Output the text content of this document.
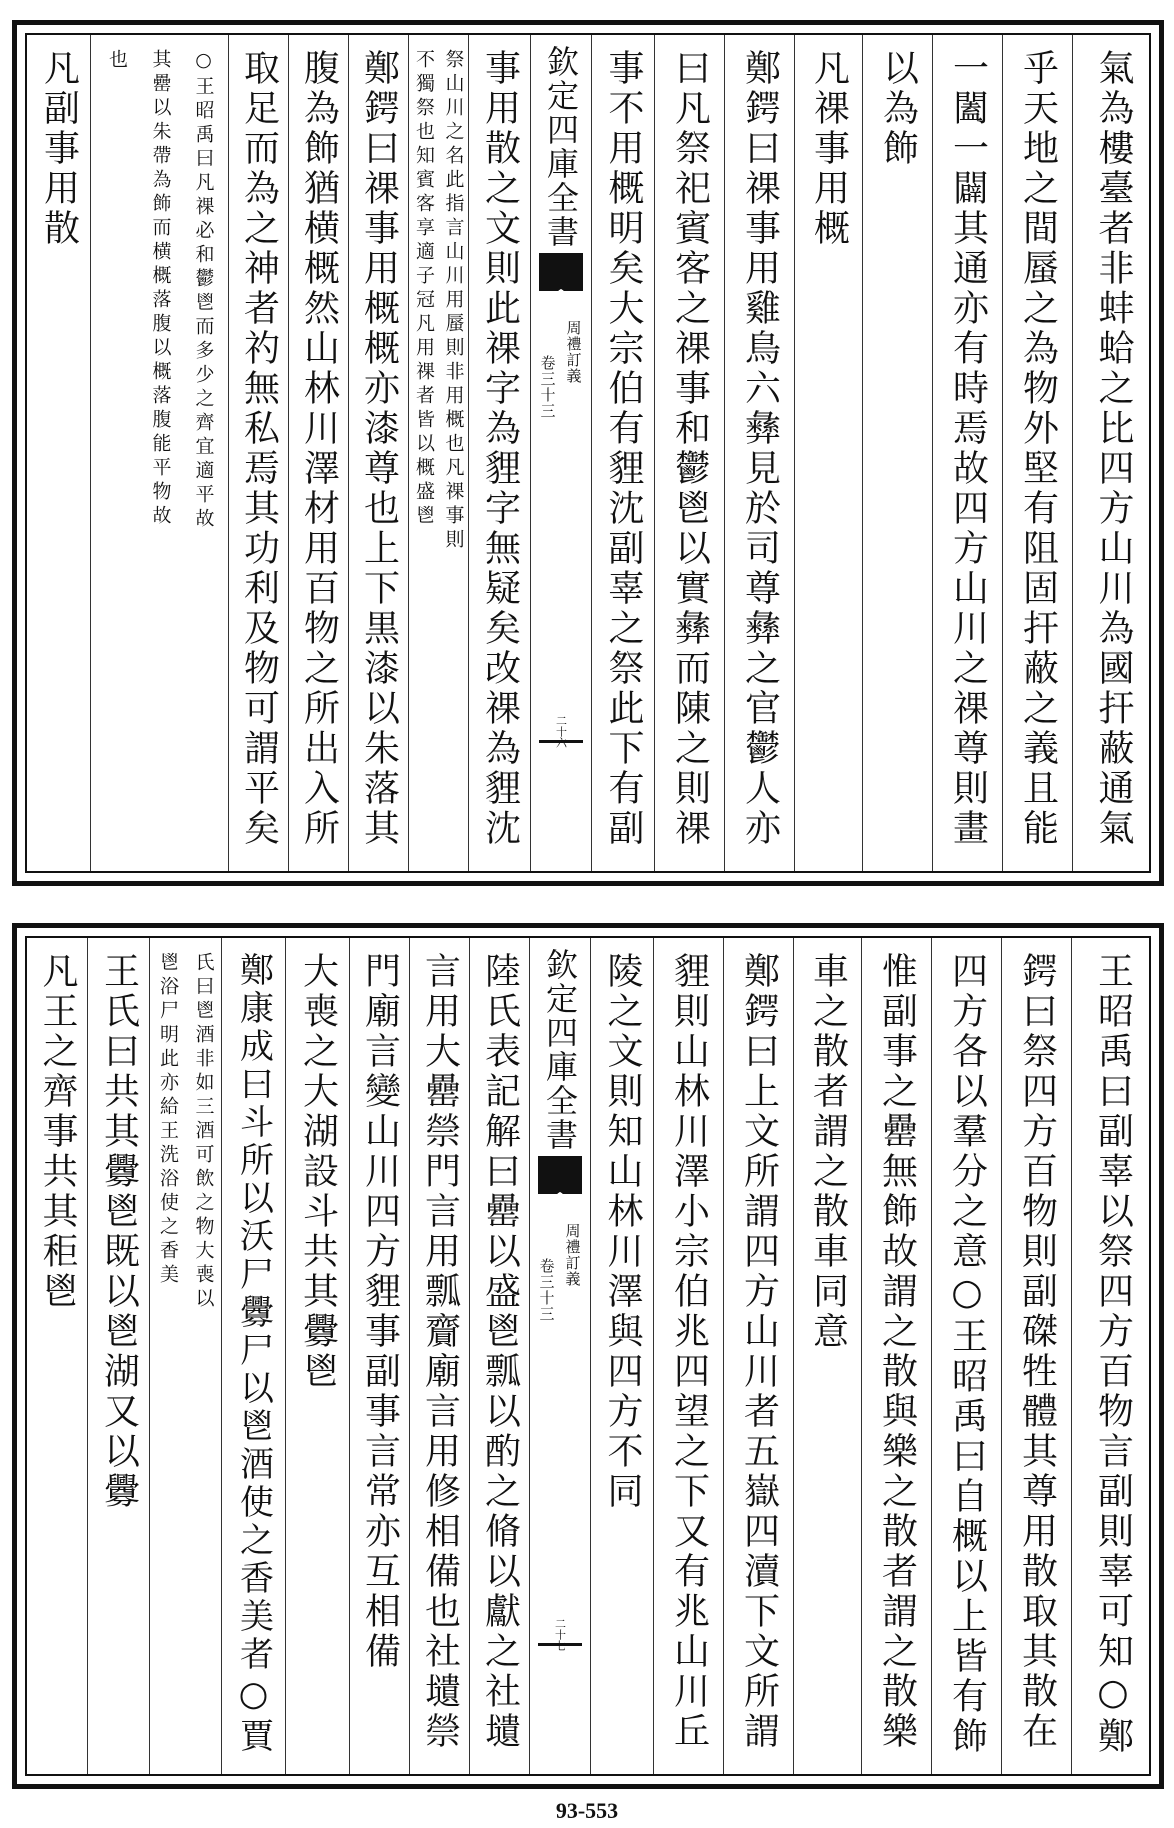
凡副事用散	也	其罍以朱帶為飾而横概落腹以概落腹能平物故	○王昭禹曰凡祼必和鬱鬯而多少之齊宜適平故 取足而為之神者礿無私焉其功利及物可謂平矣 腹為飾猶横概然山林川澤材用百物之所出入所 鄭鍔曰祼事用概概亦漆尊也上下黒漆以朱落其 不獨祭也知賓客享適子冠凡用祼者皆以概盛鬯 祭山川之名此指言山川用蜃則非用概也凡祼事則 事用散之文則此祼字為貍字無疑矣改祼為貍沈 欽定四庫全書
周禮訂義
卷三十三
二十六 事不用概明矣大宗伯有貍沈副辜之祭此下有副 曰凡祭祀賓客之祼事和鬱鬯以實彝而陳之則祼 鄭鍔曰祼事用雞鳥六彝見於司尊彝之官鬱人亦 凡祼事用概 以為飾 一闔一闢其通亦有時焉故四方山川之祼尊則畫 乎天地之間蜃之為物外堅有阻固扞蔽之義且能 氣為樓臺者非蚌蛤之比四方山川為國扞蔽通氣
凡王之齊事共其秬鬯 王氏曰共其釁鬯既以鬯湖又以釁 鬯浴尸明此亦給王洗浴使之香美 氏曰鬯酒非如三酒可飲之物大喪以 鄭康成曰斗所以沃尸釁尸以鬯酒使之香美者○賈 大喪之大湖設斗共其釁鬯 門廟言變山川四方貍事副事言常亦互相備 言用大罍禜門言用瓢齎廟言用修相備也社壝禜 陸氏表記解曰罍以盛鬯瓢以酌之脩以獻之社壝 欽定四庫全書
周禮訂義
卷三十三
二十七
陵之文則知山林川澤與四方不同 貍則山林川澤小宗伯兆四望之下又有兆山川丘 鄭鍔曰上文所謂四方山川者五嶽四瀆下文所謂 車之散者謂之散車同意 惟副事之罍無飾故謂之散與樂之散者謂之散樂 四方各以羣分之意○王昭禹曰自概以上皆有飾 鍔曰祭四方百物則副磔牲體其尊用散取其散在 王昭禹曰副辜以祭四方百物言副則辜可知○鄭
93-553
